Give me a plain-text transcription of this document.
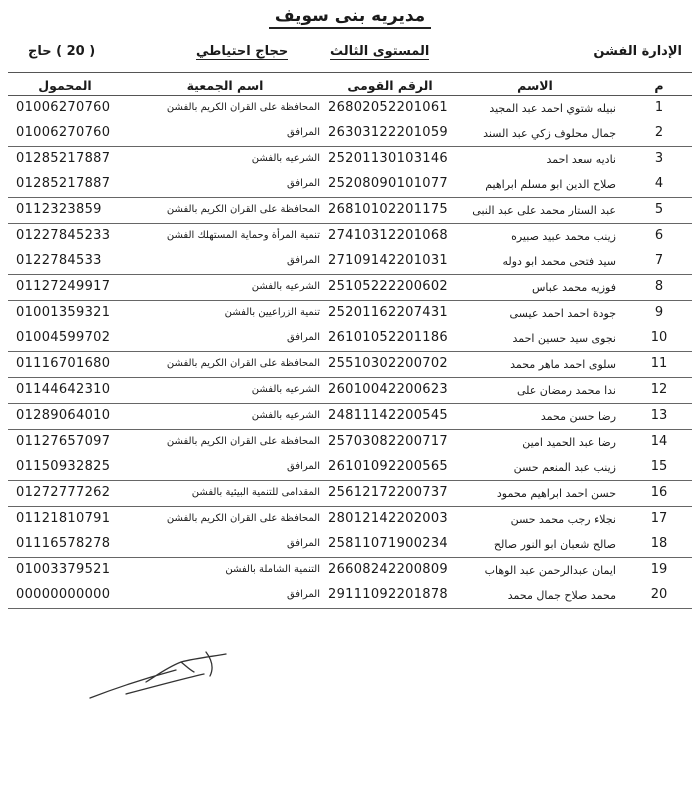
مديريه بنى سويف
الإدارة الفشن
المستوى الثالث
حجاج احتياطي
( 20 ) حاج
م
الاسم
الرقم القومى
اسم الجمعية
المحمول
1
نبيله شتوي احمد عبد المجيد
26802052201061
المحافظة على القران الكريم بالفشن
01006270760
2
جمال محلوف زكي عبد السند
26303122201059
المرافق
01006270760
3
ناديه سعد احمد
25201130103146
الشرعيه بالفشن
01285217887
4
صلاح الدين ابو مسلم ابراهيم
25208090101077
المرافق
01285217887
5
عبد الستار محمد على عبد النبى
26810102201175
المحافظة على القران الكريم بالفشن
0112323859
6
زينب محمد عبيد صبيره
27410312201068
تنمية المرأة وحماية المستهلك الفشن
01227845233
7
سيد فتحى محمد ابو دوله
27109142201031
المرافق
0122784533
8
فوزيه محمد عباس
25105222200602
الشرعيه بالفشن
01127249917
9
جودة احمد احمد عيسى
25201162207431
تنمية الزراعيين بالفشن
01001359321
10
نجوى سيد حسين احمد
26101052201186
المرافق
01004599702
11
سلوى احمد ماهر محمد
25510302200702
المحافظة على القران الكريم بالفشن
01116701680
12
ندا محمد رمضان على
26010042200623
الشرعيه بالفشن
01144642310
13
رضا حسن محمد
24811142200545
الشرعيه بالفشن
01289064010
14
رضا عبد الحميد امين
25703082200717
المحافظة على القران الكريم بالفشن
01127657097
15
زينب عبد المنعم حسن
26101092200565
المرافق
01150932825
16
حسن احمد ابراهيم محمود
25612172200737
المقدامى للتنمية البيئية بالفشن
01272777262
17
نجلاء رجب محمد حسن
28012142202003
المحافظة على القران الكريم بالفشن
01121810791
18
صالح شعبان ابو النور صالح
25811071900234
المرافق
01116578278
19
ايمان عبدالرحمن عبد الوهاب
26608242200809
التنمية الشاملة بالفشن
01003379521
20
محمد صلاح جمال محمد
29111092201878
المرافق
00000000000
